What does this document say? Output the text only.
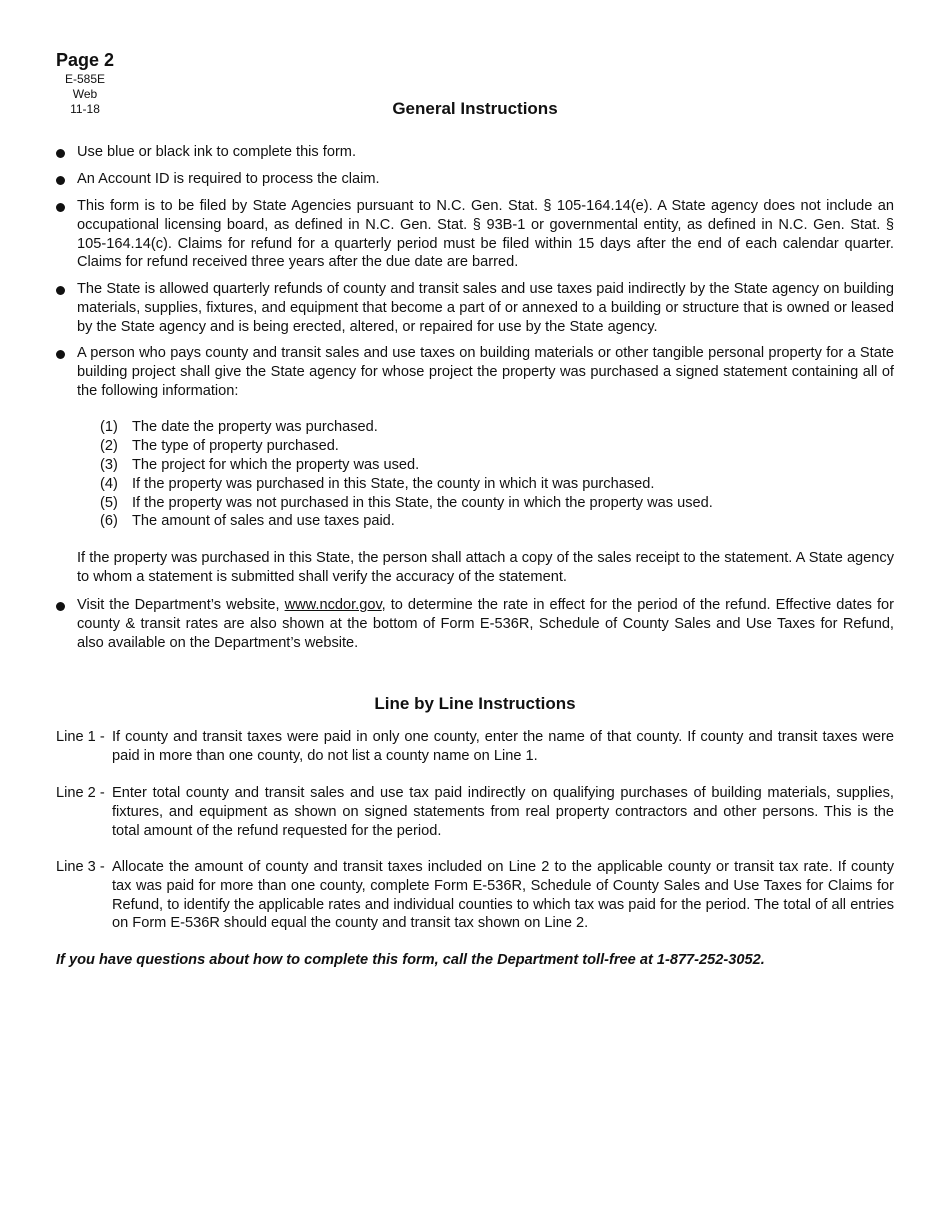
Page 2
E-585E
Web
11-18	General Instructions
Use blue or black ink to complete this form.
An Account ID is required to process the claim.
This form is to be filed by State Agencies pursuant to N.C. Gen. Stat. § 105-164.14(e). A State agency does not include an occupational licensing board, as defined in N.C. Gen. Stat. § 93B-1 or governmental entity, as defined in N.C. Gen. Stat. § 105-164.14(c). Claims for refund for a quarterly period must be filed within 15 days after the end of each calendar quarter. Claims for refund received three years after the due date are barred.
The State is allowed quarterly refunds of county and transit sales and use taxes paid indirectly by the State agency on building materials, supplies, fixtures, and equipment that become a part of or annexed to a building or structure that is owned or leased by the State agency and is being erected, altered, or repaired for use by the State agency.
A person who pays county and transit sales and use taxes on building materials or other tangible personal property for a State building project shall give the State agency for whose project the property was purchased a signed statement containing all of the following information:
(1) The date the property was purchased.
(2) The type of property purchased.
(3) The project for which the property was used.
(4) If the property was purchased in this State, the county in which it was purchased.
(5) If the property was not purchased in this State, the county in which the property was used.
(6) The amount of sales and use taxes paid.
If the property was purchased in this State, the person shall attach a copy of the sales receipt to the statement. A State agency to whom a statement is submitted shall verify the accuracy of the statement.
Visit the Department’s website, www.ncdor.gov, to determine the rate in effect for the period of the refund. Effective dates for county & transit rates are also shown at the bottom of Form E-536R, Schedule of County Sales and Use Taxes for Refund, also available on the Department’s website.
Line by Line Instructions
Line 1 - If county and transit taxes were paid in only one county, enter the name of that county. If county and transit taxes were paid in more than one county, do not list a county name on Line 1.
Line 2 - Enter total county and transit sales and use tax paid indirectly on qualifying purchases of building materials, supplies, fixtures, and equipment as shown on signed statements from real property contractors and other persons. This is the total amount of the refund requested for the period.
Line 3 - Allocate the amount of county and transit taxes included on Line 2 to the applicable county or transit tax rate. If county tax was paid for more than one county, complete Form E-536R, Schedule of County Sales and Use Taxes for Claims for Refund, to identify the applicable rates and individual counties to which tax was paid for the period. The total of all entries on Form E-536R should equal the county and transit tax shown on Line 2.
If you have questions about how to complete this form, call the Department toll-free at 1-877-252-3052.
